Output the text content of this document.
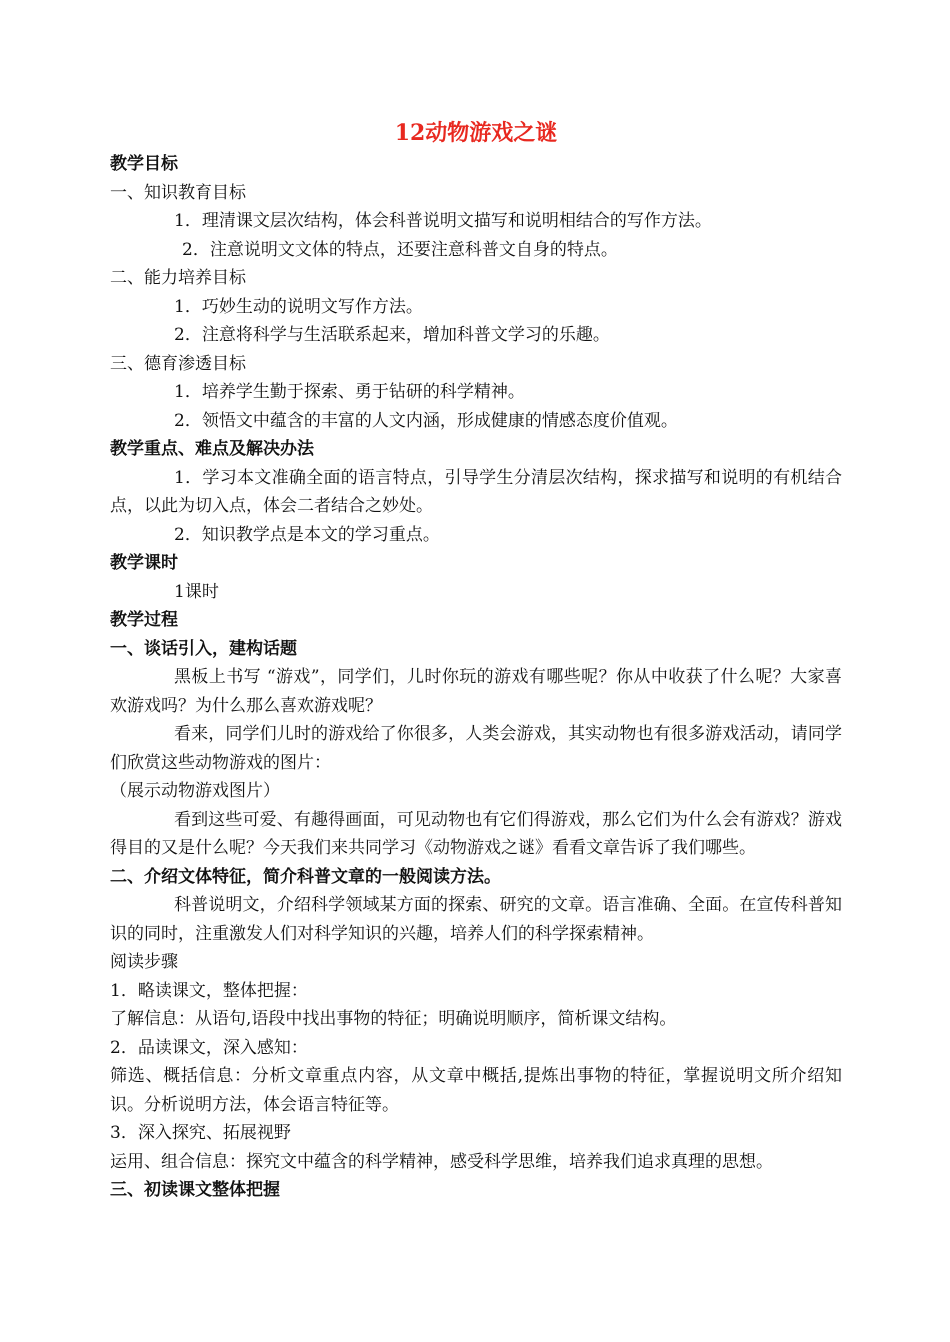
12动物游戏之谜

教学目标

一、知识教育目标

1．理清课文层次结构，体会科普说明文描写和说明相结合的写作方法。

2．注意说明文文体的特点，还要注意科普文自身的特点。

二、能力培养目标

1．巧妙生动的说明文写作方法。

2．注意将科学与生活联系起来，增加科普文学习的乐趣。

三、德育渗透目标

1．培养学生勤于探索、勇于钻研的科学精神。

2．领悟文中蕴含的丰富的人文内涵，形成健康的情感态度价值观。

教学重点、难点及解决办法

1．学习本文准确全面的语言特点，引导学生分清层次结构，探求描写和说明的有机结合点，以此为切入点，体会二者结合之妙处。

2．知识教学点是本文的学习重点。

教学课时

1课时

教学过程

一、谈话引入，建构话题

黑板上书写 “游戏”，同学们，儿时你玩的游戏有哪些呢？你从中收获了什么呢？大家喜欢游戏吗？为什么那么喜欢游戏呢？

看来，同学们儿时的游戏给了你很多，人类会游戏，其实动物也有很多游戏活动，请同学们欣赏这些动物游戏的图片：

（展示动物游戏图片）

看到这些可爱、有趣得画面，可见动物也有它们得游戏，那么它们为什么会有游戏？游戏得目的又是什么呢？今天我们来共同学习《动物游戏之谜》看看文章告诉了我们哪些。

二、介绍文体特征，简介科普文章的一般阅读方法。

科普说明文，介绍科学领域某方面的探索、研究的文章。语言准确、全面。在宣传科普知识的同时，注重激发人们对科学知识的兴趣，培养人们的科学探索精神。

阅读步骤

1．略读课文，整体把握：

了解信息：从语句,语段中找出事物的特征；明确说明顺序，简析课文结构。

2．品读课文，深入感知：

筛选、概括信息：分析文章重点内容，从文章中概括,提炼出事物的特征，掌握说明文所介绍知识。分析说明方法，体会语言特征等。

3．深入探究、拓展视野

运用、组合信息：探究文中蕴含的科学精神，感受科学思维，培养我们追求真理的思想。

三、初读课文整体把握
